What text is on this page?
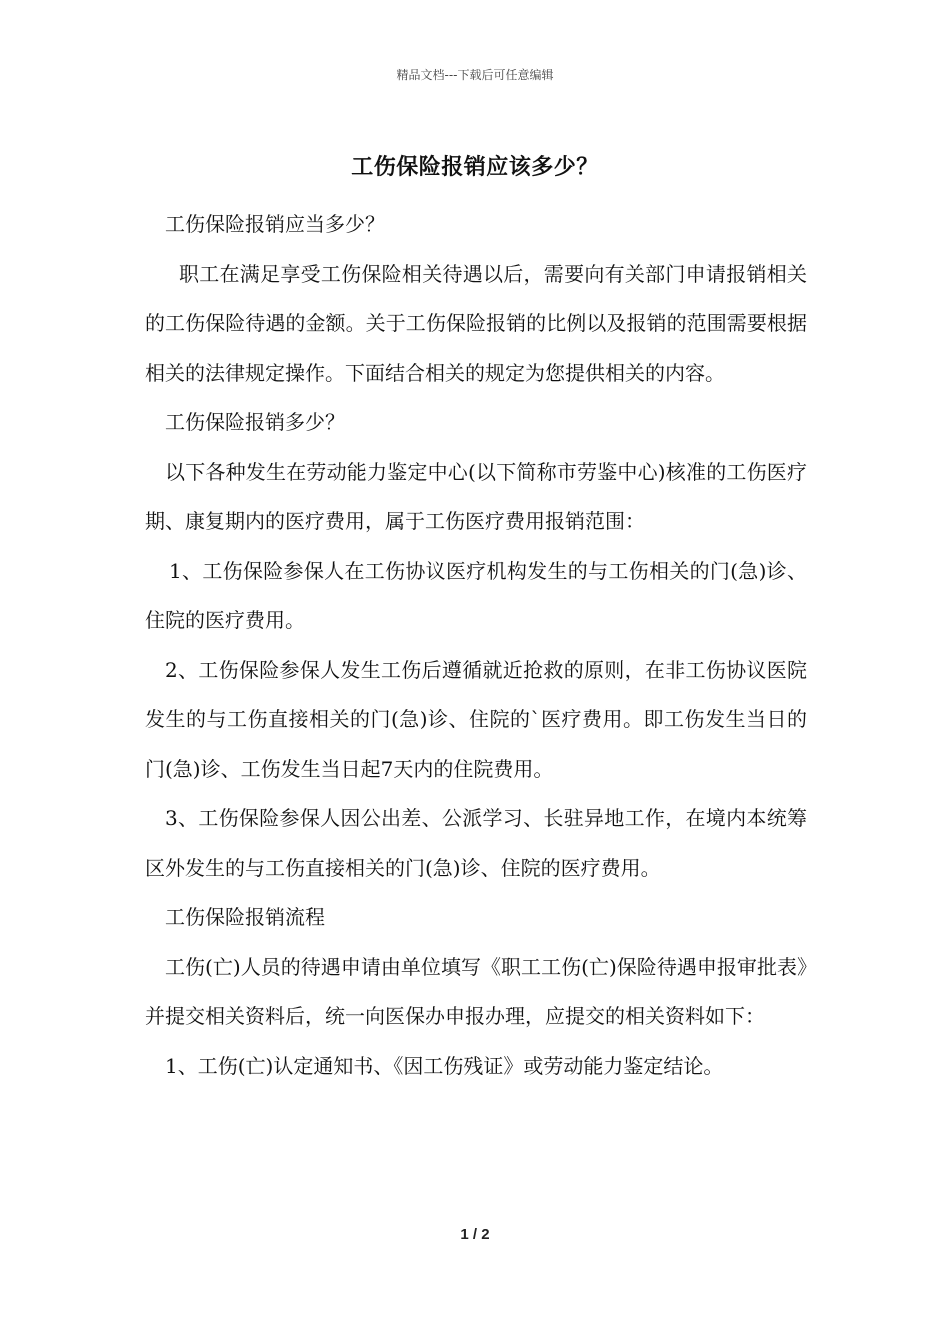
精品文档---下载后可任意编辑
工伤保险报销应该多少？

工伤保险报销应当多少？

职工在满足享受工伤保险相关待遇以后，需要向有关部门申请报销相关的工伤保险待遇的金额。关于工伤保险报销的比例以及报销的范围需要根据相关的法律规定操作。下面结合相关的规定为您提供相关的内容。

工伤保险报销多少？

以下各种发生在劳动能力鉴定中心(以下简称市劳鉴中心)核准的工伤医疗期、康复期内的医疗费用，属于工伤医疗费用报销范围：

1、工伤保险参保人在工伤协议医疗机构发生的与工伤相关的门(急)诊、住院的医疗费用。

2、工伤保险参保人发生工伤后遵循就近抢救的原则，在非工伤协议医院发生的与工伤直接相关的门(急)诊、住院的`医疗费用。即工伤发生当日的门(急)诊、工伤发生当日起7天内的住院费用。

3、工伤保险参保人因公出差、公派学习、长驻异地工作，在境内本统筹区外发生的与工伤直接相关的门(急)诊、住院的医疗费用。

工伤保险报销流程

工伤(亡)人员的待遇申请由单位填写《职工工伤(亡)保险待遇申报审批表》并提交相关资料后，统一向医保办申报办理，应提交的相关资料如下：

1、工伤(亡)认定通知书、《因工伤残证》或劳动能力鉴定结论。

1 / 2
